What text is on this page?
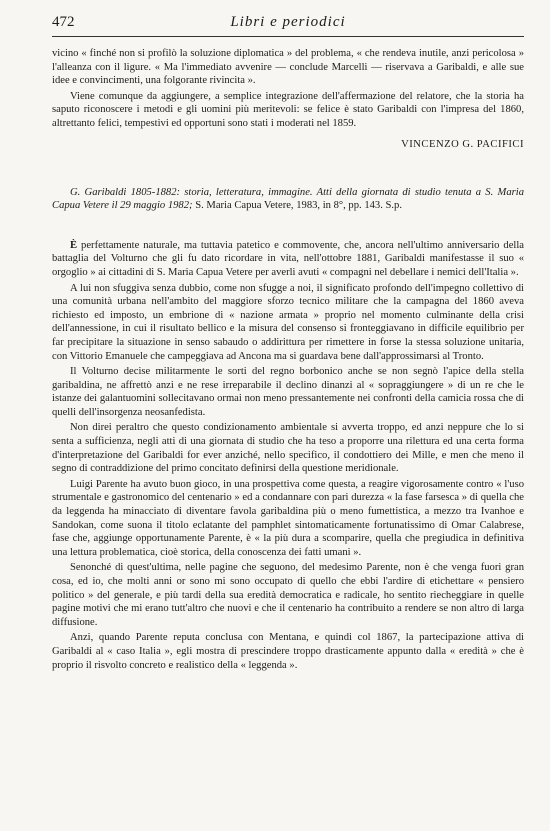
472	Libri e periodici

vicino « finché non si profilò la soluzione diplomatica » del problema, « che rendeva inutile, anzi pericolosa » l'alleanza con il ligure. « Ma l'immediato avvenire — conclude Marcelli — riservava a Garibaldi, e alle sue idee e convincimenti, una folgorante rivincita ».

Viene comunque da aggiungere, a semplice integrazione dell'affermazione del relatore, che la storia ha saputo riconoscere i metodi e gli uomini più meritevoli: se felice è stato Garibaldi con l'impresa del 1860, altrettanto felici, tempestivi ed opportuni sono stati i moderati nel 1859.

VINCENZO G. PACIFICI

G. Garibaldi 1805-1882: storia, letteratura, immagine. Atti della giornata di studio tenuta a S. Maria Capua Vetere il 29 maggio 1982; S. Maria Capua Vetere, 1983, in 8°, pp. 143. S.p.

È perfettamente naturale, ma tuttavia patetico e commovente, che, ancora nell'ultimo anniversario della battaglia del Volturno che gli fu dato ricordare in vita, nell'ottobre 1881, Garibaldi manifestasse il suo « orgoglio » ai cittadini di S. Maria Capua Vetere per averli avuti « compagni nel debellare i nemici dell'Italia ».

A lui non sfuggiva senza dubbio, come non sfugge a noi, il significato profondo dell'impegno collettivo di una comunità urbana nell'ambito del maggiore sforzo tecnico militare che la campagna del 1860 aveva richiesto ed imposto, un embrione di « nazione armata » proprio nel momento culminante della crisi dell'annessione, in cui il risultato bellico e la misura del consenso si fronteggiavano in difficile equilibrio per far precipitare la situazione in senso sabaudo o addirittura per rimettere in forse la stessa soluzione unitaria, con Vittorio Emanuele che campeggiava ad Ancona ma si guardava bene dall'approssimarsi al Tronto.

Il Volturno decise militarmente le sorti del regno borbonico anche se non segnò l'apice della stella garibaldina, ne affrettò anzi e ne rese irreparabile il declino dinanzi al « sopraggiungere » di un re che le istanze dei galantuomini sollecitavano ormai non meno pressantemente nei confronti della camicia rossa che di quelli dell'insorgenza neosanfedista.

Non direi peraltro che questo condizionamento ambientale si avverta troppo, ed anzi neppure che lo si senta a sufficienza, negli atti di una giornata di studio che ha teso a proporre una rilettura ed una certa forma d'interpretazione del Garibaldi for ever anziché, nello specifico, il condottiero dei Mille, e men che meno il segno di contraddizione del primo concitato definirsi della questione meridionale.

Luigi Parente ha avuto buon gioco, in una prospettiva come questa, a reagire vigorosamente contro « l'uso strumentale e gastronomico del centenario » ed a condannare con pari durezza « la fase farsesca » di quella che da leggenda ha minacciato di diventare favola garibaldina più o meno fumettistica, a mezzo tra Ivanhoe e Sandokan, come suona il titolo eclatante del pamphlet sintomaticamente fortunatissimo di Omar Calabrese, fase che, aggiunge opportunamente Parente, è « la più dura a scomparire, quella che pregiudica in definitiva una lettura problematica, cioè storica, della conoscenza dei fatti umani ».

Senonché di quest'ultima, nelle pagine che seguono, del medesimo Parente, non è che venga fuori gran cosa, ed io, che molti anni or sono mi sono occupato di quello che ebbi l'ardire di etichettare « pensiero politico » del generale, e più tardi della sua eredità democratica e radicale, ho sentito riecheggiare in quelle pagine motivi che mi erano tutt'altro che nuovi e che il centenario ha contribuito a rendere se non altro di larga diffusione.

Anzi, quando Parente reputa conclusa con Mentana, e quindi col 1867, la partecipazione attiva di Garibaldi al « caso Italia », egli mostra di prescindere troppo drasticamente appunto dalla « eredità » che è proprio il risvolto concreto e realistico della « leggenda ».
